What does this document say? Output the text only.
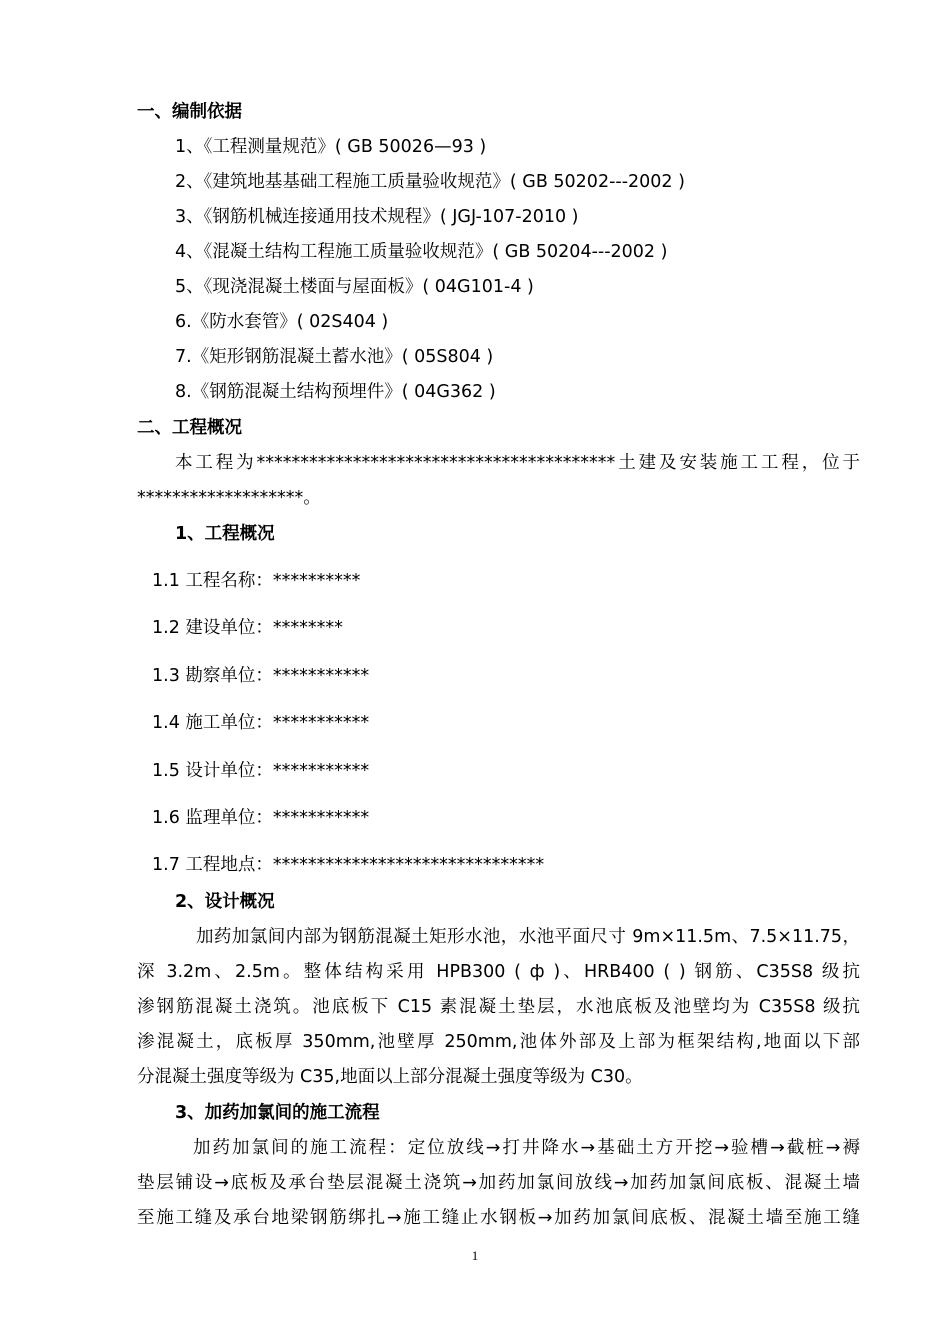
一、编制依据
1、《工程测量规范》( GB 50026—93 )
2、《建筑地基基础工程施工质量验收规范》( GB 50202---2002 )
3、《钢筋机械连接通用技术规程》( JGJ-107-2010 )
4、《混凝土结构工程施工质量验收规范》( GB 50204---2002 )
5、《现浇混凝土楼面与屋面板》( 04G101-4 )
6.《防水套管》( 02S404 )
7.《矩形钢筋混凝土蓄水池》( 05S804 )
8.《钢筋混凝土结构预埋件》( 04G362 )
二、工程概况
本工程为*****************************************土建及安装施工工程，位于
*******************。
1、工程概况
1.1 工程名称：**********
1.2 建设单位：********
1.3 勘察单位：***********
1.4 施工单位：***********
1.5 设计单位：***********
1.6 监理单位：***********
1.7 工程地点：*******************************
2、设计概况
加药加氯间内部为钢筋混凝土矩形水池，水池平面尺寸 9m×11.5m、7.5×11.75，
深 3.2m、2.5m。整体结构采用 HPB300 ( ф )、HRB400 ( ) 钢筋、C35S8 级抗
渗钢筋混凝土浇筑。池底板下 C15 素混凝土垫层，水池底板及池壁均为 C35S8 级抗
渗混凝土，底板厚 350mm,池壁厚 250mm,池体外部及上部为框架结构,地面以下部
分混凝土强度等级为 C35,地面以上部分混凝土强度等级为 C30。
3、加药加氯间的施工流程
加药加氯间的施工流程：定位放线→打井降水→基础土方开挖→验槽→截桩→褥
垫层铺设→底板及承台垫层混凝土浇筑→加药加氯间放线→加药加氯间底板、混凝土墙
至施工缝及承台地梁钢筋绑扎→施工缝止水钢板→加药加氯间底板、混凝土墙至施工缝
1
